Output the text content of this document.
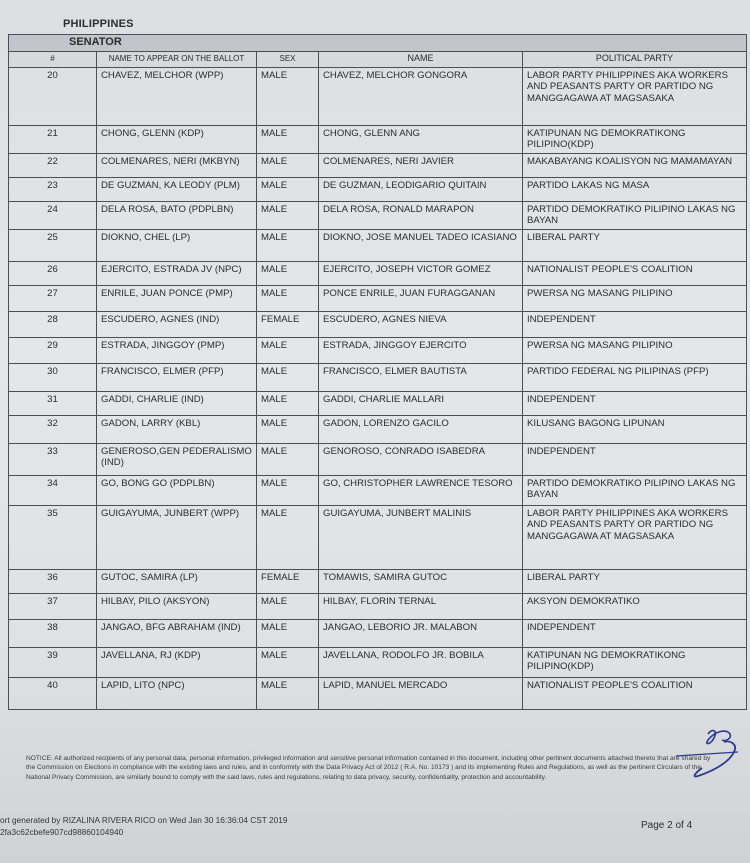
PHILIPPINES
SENATOR				
#	NAME TO APPEAR ON THE BALLOT	SEX	NAME	POLITICAL PARTY
20	CHAVEZ, MELCHOR (WPP)	MALE	CHAVEZ, MELCHOR GONGORA	LABOR PARTY PHILIPPINES AKA WORKERS AND PEASANTS PARTY OR PARTIDO NG MANGGAGAWA AT MAGSASAKA
21	CHONG, GLENN (KDP)	MALE	CHONG, GLENN ANG	KATIPUNAN NG DEMOKRATIKONG PILIPINO(KDP)
22	COLMENARES, NERI (MKBYN)	MALE	COLMENARES, NERI JAVIER	MAKABAYANG KOALISYON NG MAMAMAYAN
23	DE GUZMAN, KA LEODY (PLM)	MALE	DE GUZMAN, LEODIGARIO QUITAIN	PARTIDO LAKAS NG MASA
24	DELA ROSA, BATO (PDPLBN)	MALE	DELA ROSA, RONALD MARAPON	PARTIDO DEMOKRATIKO PILIPINO LAKAS NG BAYAN
25	DIOKNO, CHEL (LP)	MALE	DIOKNO, JOSE MANUEL TADEO ICASIANO	LIBERAL PARTY
26	EJERCITO, ESTRADA JV (NPC)	MALE	EJERCITO, JOSEPH VICTOR GOMEZ	NATIONALIST PEOPLE'S COALITION
27	ENRILE, JUAN PONCE (PMP)	MALE	PONCE ENRILE, JUAN FURAGGANAN	PWERSA NG MASANG PILIPINO
28	ESCUDERO, AGNES (IND)	FEMALE	ESCUDERO, AGNES NIEVA	INDEPENDENT
29	ESTRADA, JINGGOY (PMP)	MALE	ESTRADA, JINGGOY EJERCITO	PWERSA NG MASANG PILIPINO
30	FRANCISCO, ELMER (PFP)	MALE	FRANCISCO, ELMER BAUTISTA	PARTIDO FEDERAL NG PILIPINAS (PFP)
31	GADDI, CHARLIE (IND)	MALE	GADDI, CHARLIE MALLARI	INDEPENDENT
32	GADON, LARRY (KBL)	MALE	GADON, LORENZO GACILO	KILUSANG BAGONG LIPUNAN
33	GENEROSO,GEN PEDERALISMO (IND)	MALE	GENOROSO, CONRADO ISABEDRA	INDEPENDENT
34	GO, BONG GO (PDPLBN)	MALE	GO, CHRISTOPHER LAWRENCE TESORO	PARTIDO DEMOKRATIKO PILIPINO LAKAS NG BAYAN
35	GUIGAYUMA, JUNBERT (WPP)	MALE	GUIGAYUMA, JUNBERT MALINIS	LABOR PARTY PHILIPPINES AKA WORKERS AND PEASANTS PARTY OR PARTIDO NG MANGGAGAWA AT MAGSASAKA
36	GUTOC, SAMIRA (LP)	FEMALE	TOMAWIS, SAMIRA GUTOC	LIBERAL PARTY
37	HILBAY, PILO (AKSYON)	MALE	HILBAY, FLORIN TERNAL	AKSYON DEMOKRATIKO
38	JANGAO, BFG ABRAHAM (IND)	MALE	JANGAO, LEBORIO JR. MALABON	INDEPENDENT
39	JAVELLANA, RJ (KDP)	MALE	JAVELLANA, RODOLFO JR. BOBILA	KATIPUNAN NG DEMOKRATIKONG PILIPINO(KDP)
40	LAPID, LITO (NPC)	MALE	LAPID, MANUEL MERCADO	NATIONALIST PEOPLE'S COALITION
NOTICE: All authorized recipients of any personal data, personal information, privileged information and sensitive personal information contained in this document, including other pertinent documents attached thereto that are shared by the Commission on Elections in compliance with the existing laws and rules, and in conformity with the Data Privacy Act of 2012 ( R.A. No. 10173 ) and its implementing Rules and Regulations, as well as the pertinent Circulars of the National Privacy Commission, are similarly bound to comply with the said laws, rules and regulations, relating to data privacy, security, confidentiality, protection and accountability.
ort generated by RIZALINA RIVERA RICO on Wed Jan 30 16:36:04 CST 2019
2fa3c62cbefe907cd98860104940
Page 2 of 4
